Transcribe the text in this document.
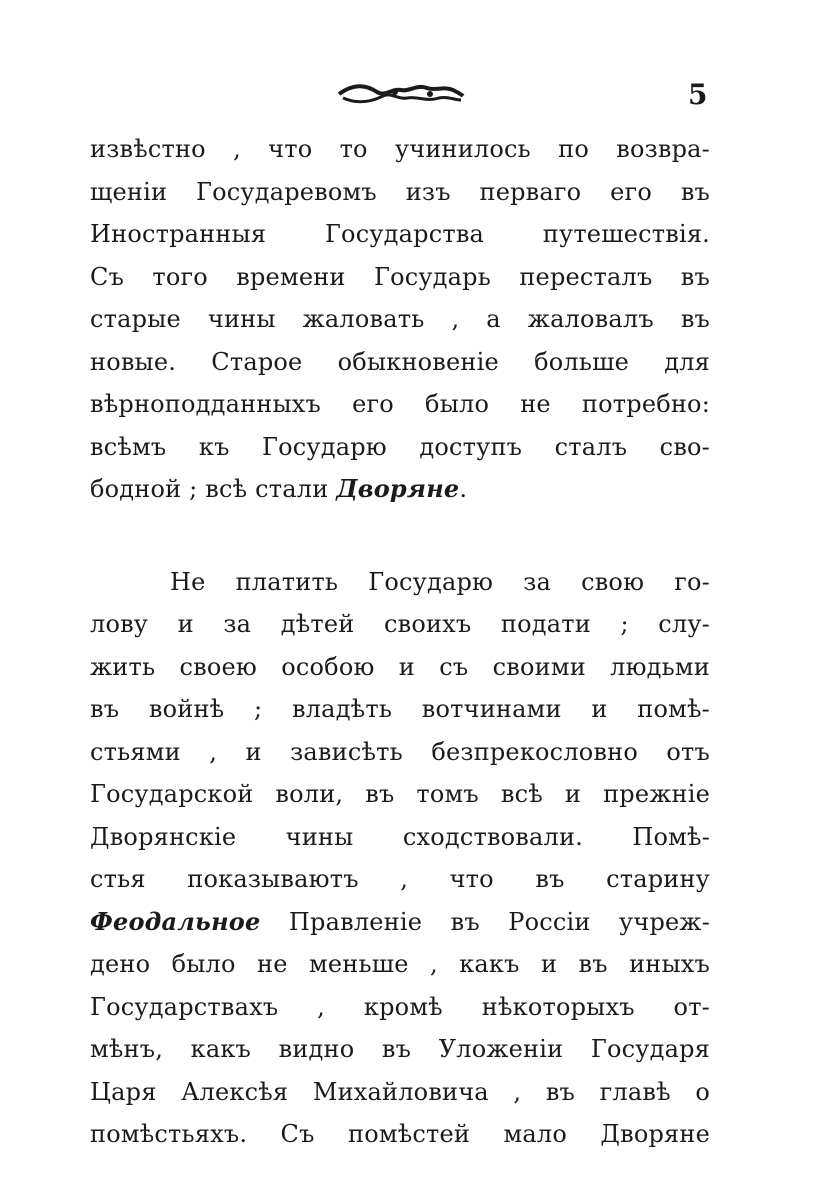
5
извѣстно , что то учинилось по возвра-
щеніи Государевомъ изъ перваго его въ
Иностранныя Государства путешествія.
Съ того времени Государь пересталъ въ
старые чины жаловать , а жаловалъ въ
новые. Старое обыкновеніе больше для
вѣрноподданныхъ его было не потребно:
всѣмъ къ Государю доступъ сталъ сво-
бодной ; всѣ стали Дворяне.
Не платить Государю за свою го-
лову и за дѣтей своихъ подати ; слу-
жить своею особою и съ своими людьми
въ войнѣ ; владѣть вотчинами и помѣ-
стьями , и зависѣть безпрекословно отъ
Государской воли, въ томъ всѣ и прежніе
Дворянскіе чины сходствовали. Помѣ-
стья показываютъ , что въ старину
Феодальное Правленіе въ Россіи учреж-
дено было не меньше , какъ и въ иныхъ
Государствахъ , кромѣ нѣкоторыхъ от-
мѣнъ, какъ видно въ Уложеніи Государя
Царя Алексѣя Михайловича , въ главѣ о
помѣстьяхъ. Съ помѣстей мало Дворяне
